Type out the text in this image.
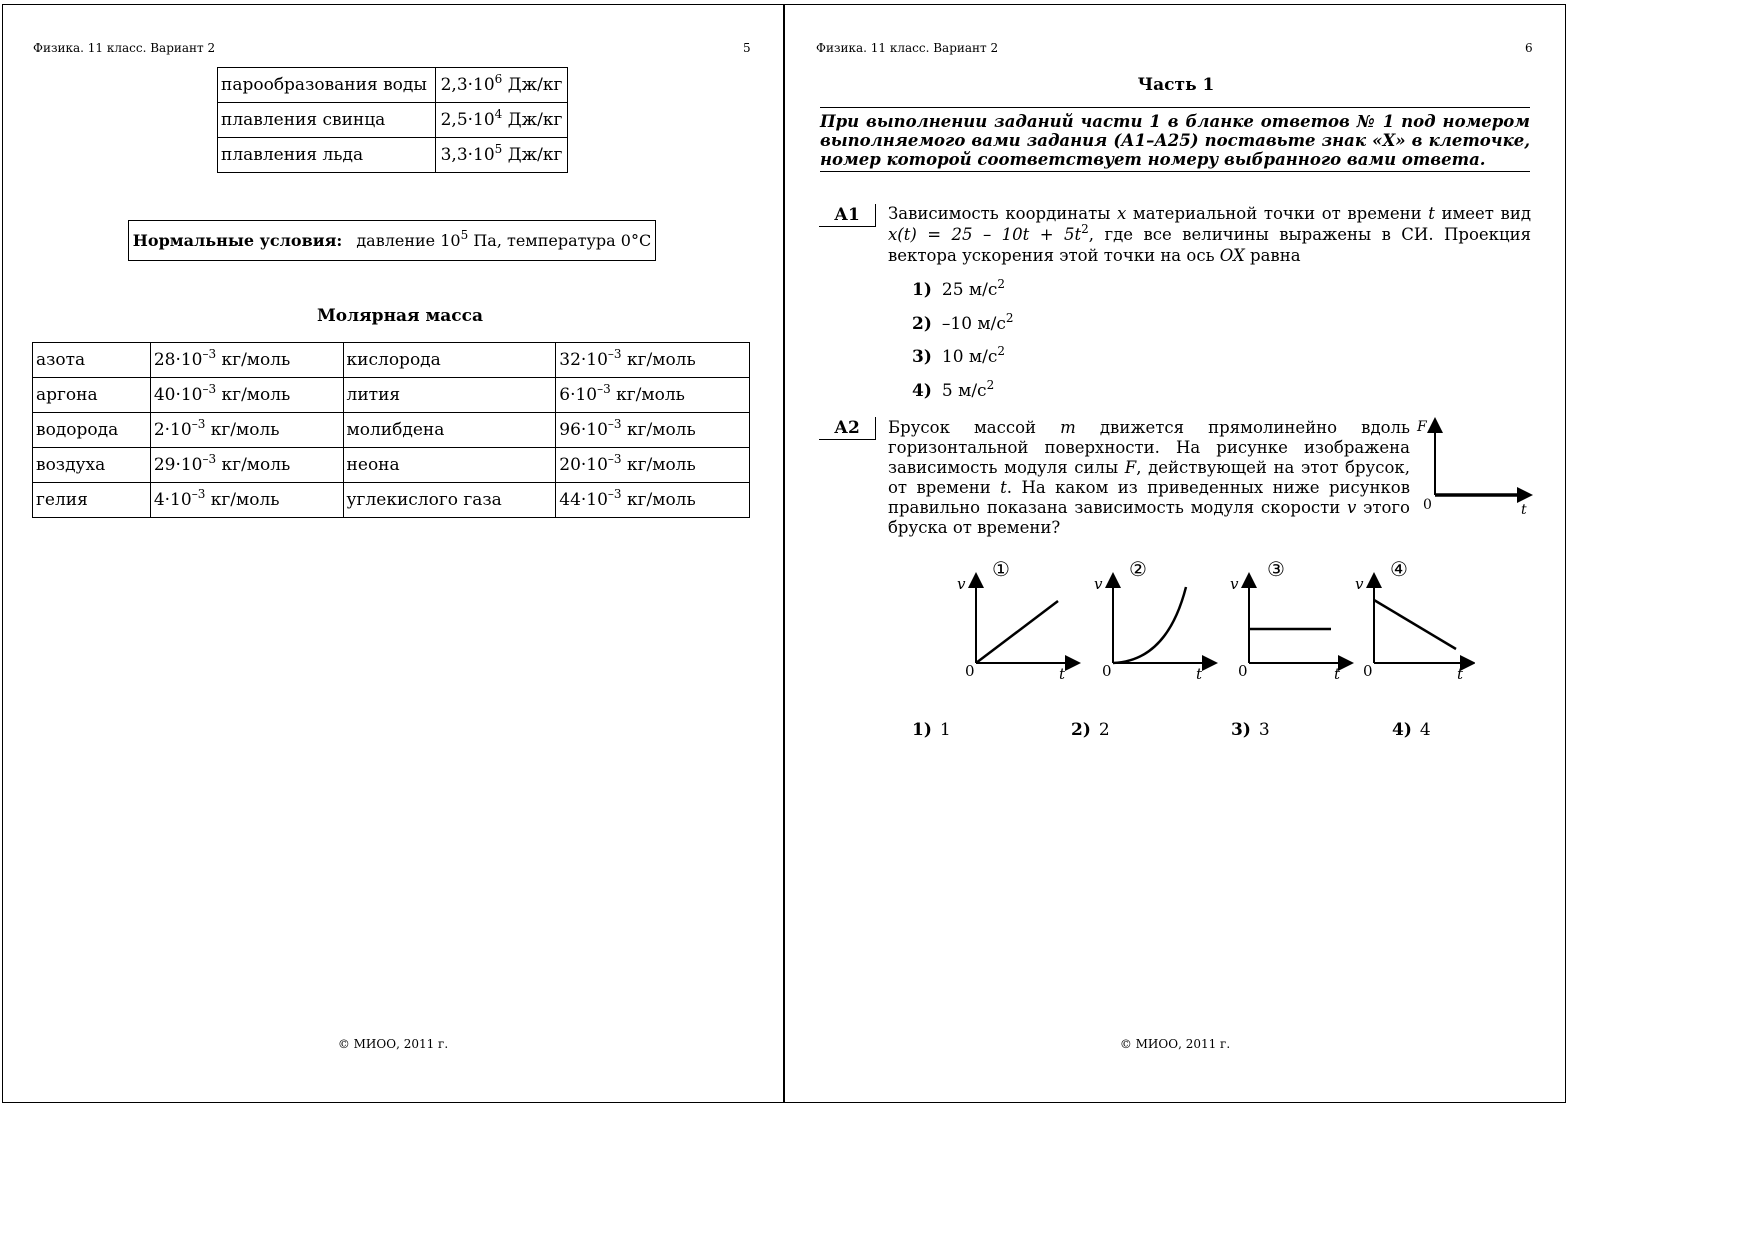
Физика. 11 класс. Вариант 2	5
парообразования воды	$2,3\cdot 10^6$ Дж/кг
плавления свинца	$2,5\cdot 10^4$ Дж/кг
плавления льда	$3,3\cdot 10^5$ Дж/кг
Нормальные условия: давление $10^5$ Па, температура 0°С
Молярная масса
азота	$28\cdot 10^{-3}$ кг/моль	кислорода	$32\cdot 10^{-3}$ кг/моль
аргона	$40\cdot 10^{-3}$ кг/моль	лития	$6\cdot 10^{-3}$ кг/моль
водорода	$2\cdot 10^{-3}$ кг/моль	молибдена	$96\cdot 10^{-3}$ кг/моль
воздуха	$29\cdot 10^{-3}$ кг/моль	неона	$20\cdot 10^{-3}$ кг/моль
гелия	$4\cdot 10^{-3}$ кг/моль	углекислого газа	$44\cdot 10^{-3}$ кг/моль
© МИОО, 2011 г.
Физика. 11 класс. Вариант 2	6
Часть 1
При выполнении заданий части 1 в бланке ответов № 1 под номером выполняемого вами задания (А1–А25) поставьте знак «Х» в клеточке, номер которой соответствует номеру выбранного вами ответа.
А1	Зависимость координаты x материальной точки от времени t имеет вид $x(t) = 25 - 10t + 5t^2$, где все величины выражены в СИ. Проекция вектора ускорения этой точки на ось OX равна
1) 25 $м/с^2$
2) –10 $м/с^2$
3) 10 $м/с^2$
4) 5 $м/с^2$
А2	Брусок массой m движется прямолинейно вдоль горизонтальной поверхности. На рисунке изображена зависимость модуля силы F, действующей на этот брусок, от времени t. На каком из приведенных ниже рисунков правильно показана зависимость модуля скорости v этого бруска от времени?
F
t
0
①
v
t
0
②
v
t
0
③
v
t
0
④
v
t
0
1) 1	2) 2	3) 3	4) 4
© МИОО, 2011 г.
